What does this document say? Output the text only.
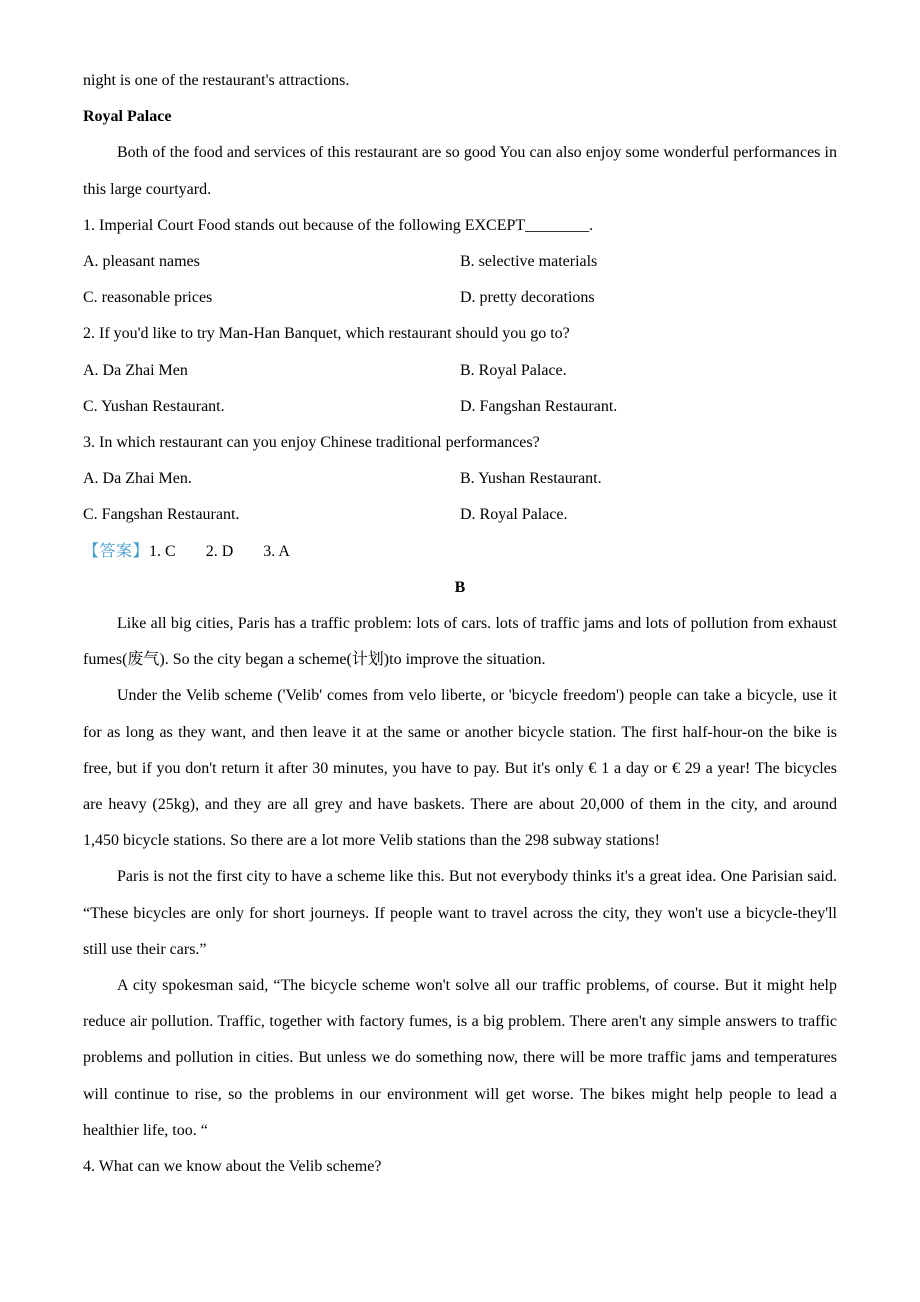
night is one of the restaurant's attractions.

Royal Palace

Both of the food and services of this restaurant are so good You can also enjoy some wonderful performances in this large courtyard.

1. Imperial Court Food stands out because of the following EXCEPT________.

A. pleasant names	B. selective materials
C. reasonable prices	D. pretty decorations

2. If you'd like to try Man-Han Banquet, which restaurant should you go to?

A. Da Zhai Men	B. Royal Palace.
C. Yushan Restaurant.	D. Fangshan Restaurant.

3. In which restaurant can you enjoy Chinese traditional performances?

A. Da Zhai Men.	B. Yushan Restaurant.
C. Fangshan Restaurant.	D. Royal Palace.

【答案】1. C 2. D 3. A

B

Like all big cities, Paris has a traffic problem: lots of cars. lots of traffic jams and lots of pollution from exhaust fumes(废气). So the city began a scheme(计划)to improve the situation.

Under the Velib scheme ('Velib' comes from velo liberte, or 'bicycle freedom') people can take a bicycle, use it for as long as they want, and then leave it at the same or another bicycle station. The first half-hour-on the bike is free, but if you don't return it after 30 minutes, you have to pay. But it's only € 1 a day or € 29 a year! The bicycles are heavy (25kg), and they are all grey and have baskets. There are about 20,000 of them in the city, and around 1,450 bicycle stations. So there are a lot more Velib stations than the 298 subway stations!

Paris is not the first city to have a scheme like this. But not everybody thinks it's a great idea. One Parisian said. “These bicycles are only for short journeys. If people want to travel across the city, they won't use a bicycle-they'll still use their cars.”

A city spokesman said, “The bicycle scheme won't solve all our traffic problems, of course. But it might help reduce air pollution. Traffic, together with factory fumes, is a big problem. There aren't any simple answers to traffic problems and pollution in cities. But unless we do something now, there will be more traffic jams and temperatures will continue to rise, so the problems in our environment will get worse. The bikes might help people to lead a healthier life, too. “

4. What can we know about the Velib scheme?
